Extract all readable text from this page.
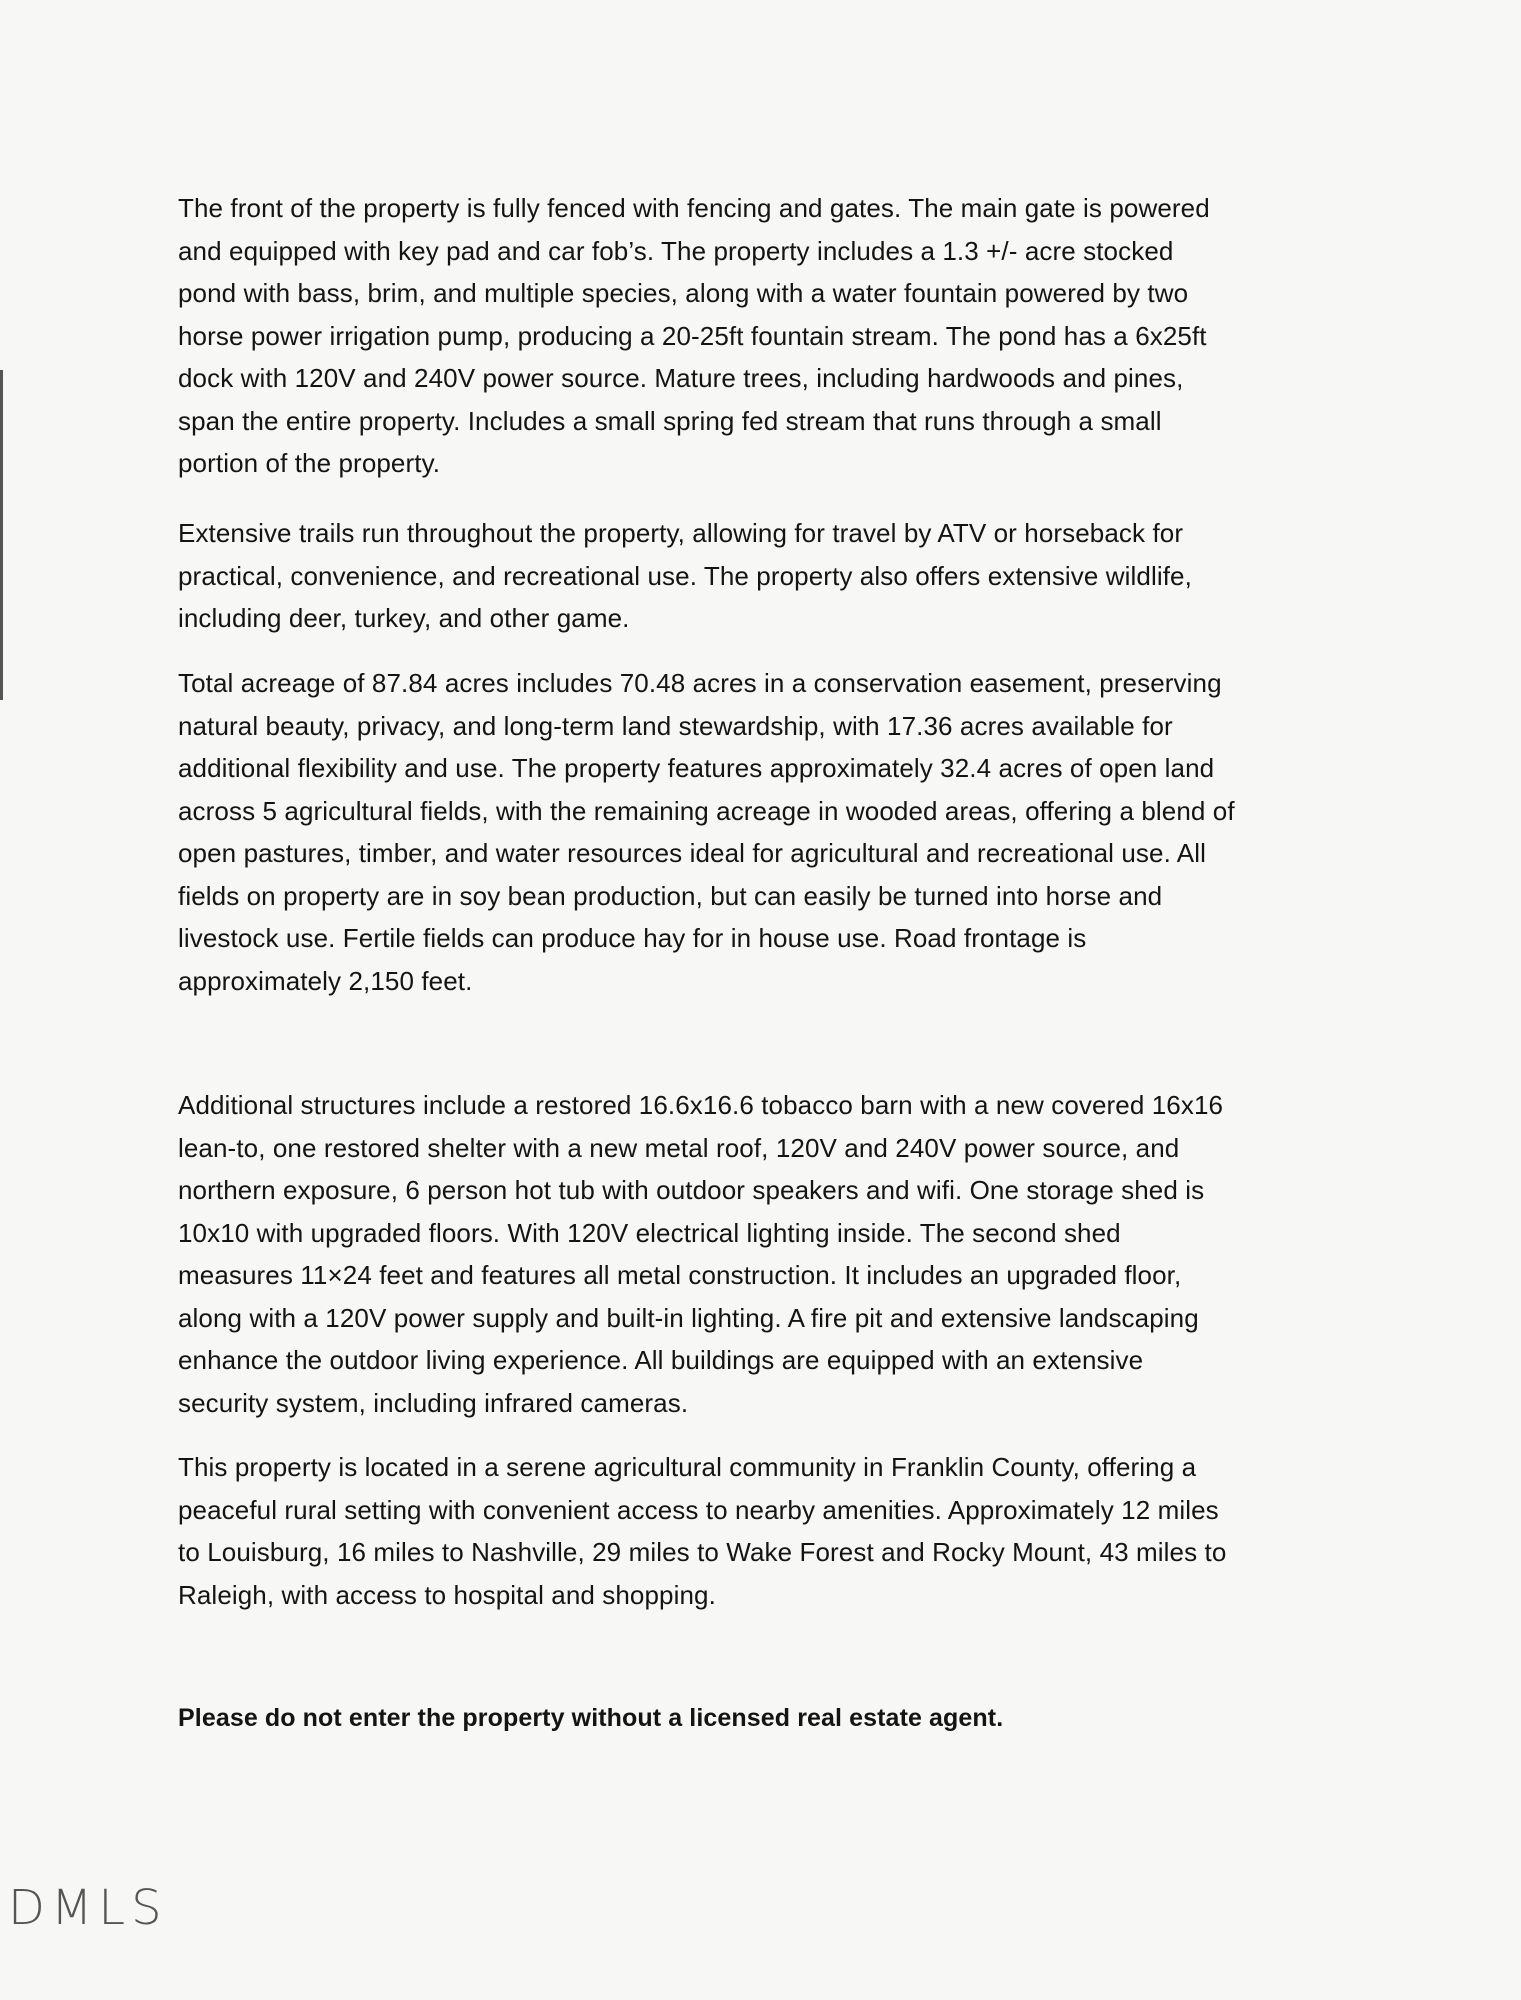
The front of the property is fully fenced with fencing and gates. The main gate is powered
and equipped with key pad and car fob’s. The property includes a 1.3 +/- acre stocked
pond with bass, brim, and multiple species, along with a water fountain powered by two
horse power irrigation pump, producing a 20-25ft fountain stream. The pond has a 6x25ft
dock with 120V and 240V power source. Mature trees, including hardwoods and pines,
span the entire property. Includes a small spring fed stream that runs through a small
portion of the property.

Extensive trails run throughout the property, allowing for travel by ATV or horseback for
practical, convenience, and recreational use. The property also offers extensive wildlife,
including deer, turkey, and other game.

Total acreage of 87.84 acres includes 70.48 acres in a conservation easement, preserving
natural beauty, privacy, and long-term land stewardship, with 17.36 acres available for
additional flexibility and use. The property features approximately 32.4 acres of open land
across 5 agricultural fields, with the remaining acreage in wooded areas, offering a blend of
open pastures, timber, and water resources ideal for agricultural and recreational use. All
fields on property are in soy bean production, but can easily be turned into horse and
livestock use. Fertile fields can produce hay for in house use. Road frontage is
approximately 2,150 feet.

Additional structures include a restored 16.6x16.6 tobacco barn with a new covered 16x16
lean-to, one restored shelter with a new metal roof, 120V and 240V power source, and
northern exposure, 6 person hot tub with outdoor speakers and wifi. One storage shed is
10x10 with upgraded floors. With 120V electrical lighting inside. The second shed
measures 11×24 feet and features all metal construction. It includes an upgraded floor,
along with a 120V power supply and built-in lighting. A fire pit and extensive landscaping
enhance the outdoor living experience. All buildings are equipped with an extensive
security system, including infrared cameras.

This property is located in a serene agricultural community in Franklin County, offering a
peaceful rural setting with convenient access to nearby amenities. Approximately 12 miles
to Louisburg, 16 miles to Nashville, 29 miles to Wake Forest and Rocky Mount, 43 miles to
Raleigh, with access to hospital and shopping.

Please do not enter the property without a licensed real estate agent.

DMLS
